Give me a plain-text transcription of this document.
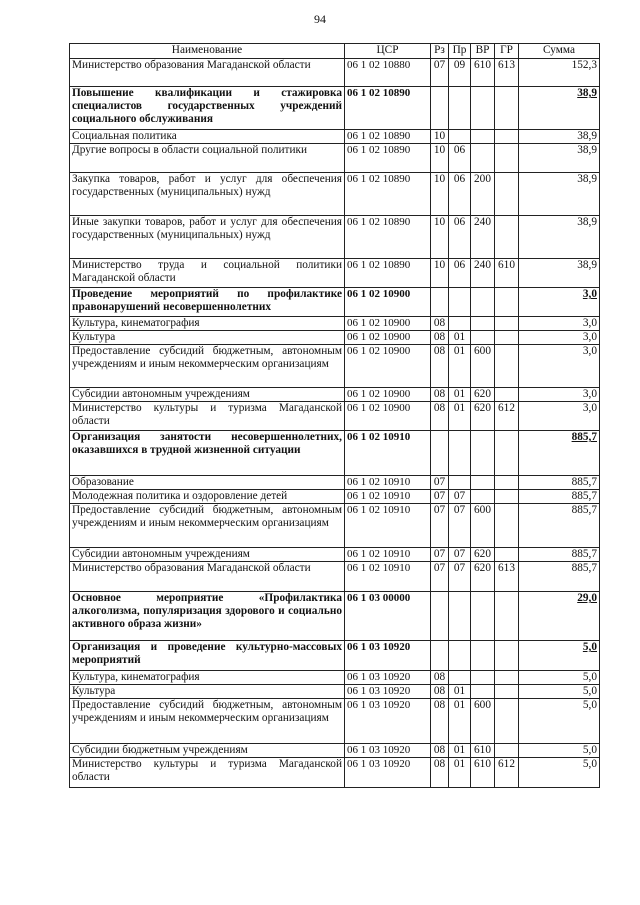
94
Наименование	ЦСР	Рз	Пр	ВР	ГР	Сумма
Министерство образования Магаданской области	06 1 02 10880	07	09	610	613	152,3
Повышение квалификации и стажировка специалистов государственных учреждений социального обслуживания	06 1 02 10890					38,9
Социальная политика	06 1 02 10890	10				38,9
Другие вопросы в области социальной политики	06 1 02 10890	10	06			38,9
Закупка товаров, работ и услуг для обеспечения государственных (муниципальных) нужд	06 1 02 10890	10	06	200		38,9
Иные закупки товаров, работ и услуг для обеспечения государственных (муниципальных) нужд	06 1 02 10890	10	06	240		38,9
Министерство труда и социальной политики Магаданской области	06 1 02 10890	10	06	240	610	38,9
Проведение мероприятий по профилактике правонарушений несовершеннолетних	06 1 02 10900					3,0
Культура, кинематография	06 1 02 10900	08				3,0
Культура	06 1 02 10900	08	01			3,0
Предоставление субсидий бюджетным, автономным учреждениям и иным некоммерческим организациям	06 1 02 10900	08	01	600		3,0
Субсидии автономным учреждениям	06 1 02 10900	08	01	620		3,0
Министерство культуры и туризма Магаданской области	06 1 02 10900	08	01	620	612	3,0
Организация занятости несовершеннолетних, оказавшихся в трудной жизненной ситуации	06 1 02 10910					885,7
Образование	06 1 02 10910	07				885,7
Молодежная политика и оздоровление детей	06 1 02 10910	07	07			885,7
Предоставление субсидий бюджетным, автономным учреждениям и иным некоммерческим организациям	06 1 02 10910	07	07	600		885,7
Субсидии автономным учреждениям	06 1 02 10910	07	07	620		885,7
Министерство образования Магаданской области	06 1 02 10910	07	07	620	613	885,7
Основное мероприятие «Профилактика алкоголизма, популяризация здорового и социально активного образа жизни»	06 1 03 00000					29,0
Организация и проведение культурно-массовых мероприятий	06 1 03 10920					5,0
Культура, кинематография	06 1 03 10920	08				5,0
Культура	06 1 03 10920	08	01			5,0
Предоставление субсидий бюджетным, автономным учреждениям и иным некоммерческим организациям	06 1 03 10920	08	01	600		5,0
Субсидии бюджетным учреждениям	06 1 03 10920	08	01	610		5,0
Министерство культуры и туризма Магаданской области	06 1 03 10920	08	01	610	612	5,0
